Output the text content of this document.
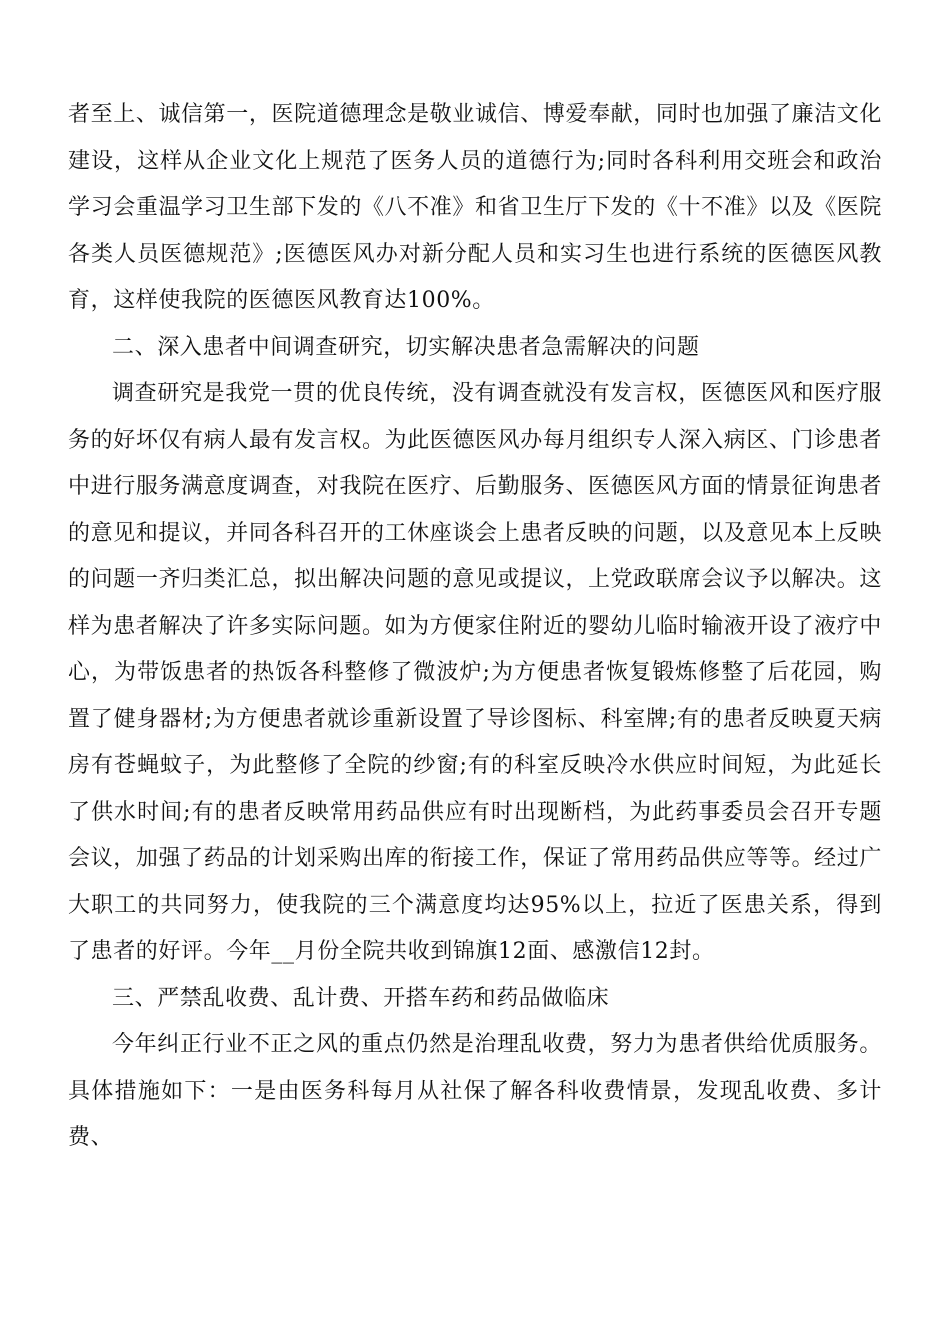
者至上、诚信第一，医院道德理念是敬业诚信、博爱奉献，同时也加强了廉洁文化建设，这样从企业文化上规范了医务人员的道德行为;同时各科利用交班会和政治学习会重温学习卫生部下发的《八不准》和省卫生厅下发的《十不准》以及《医院各类人员医德规范》;医德医风办对新分配人员和实习生也进行系统的医德医风教育，这样使我院的医德医风教育达100%。

二、深入患者中间调查研究，切实解决患者急需解决的问题

调查研究是我党一贯的优良传统，没有调查就没有发言权，医德医风和医疗服务的好坏仅有病人最有发言权。为此医德医风办每月组织专人深入病区、门诊患者中进行服务满意度调查，对我院在医疗、后勤服务、医德医风方面的情景征询患者的意见和提议，并同各科召开的工休座谈会上患者反映的问题，以及意见本上反映的问题一齐归类汇总，拟出解决问题的意见或提议，上党政联席会议予以解决。这样为患者解决了许多实际问题。如为方便家住附近的婴幼儿临时输液开设了液疗中心，为带饭患者的热饭各科整修了微波炉;为方便患者恢复锻炼修整了后花园，购置了健身器材;为方便患者就诊重新设置了导诊图标、科室牌;有的患者反映夏天病房有苍蝇蚊子，为此整修了全院的纱窗;有的科室反映冷水供应时间短，为此延长了供水时间;有的患者反映常用药品供应有时出现断档，为此药事委员会召开专题会议，加强了药品的计划采购出库的衔接工作，保证了常用药品供应等等。经过广大职工的共同努力，使我院的三个满意度均达95%以上，拉近了医患关系，得到了患者的好评。今年__月份全院共收到锦旗12面、感激信12封。

三、严禁乱收费、乱计费、开搭车药和药品做临床

今年纠正行业不正之风的重点仍然是治理乱收费，努力为患者供给优质服务。具体措施如下：一是由医务科每月从社保了解各科收费情景，发现乱收费、多计费、
